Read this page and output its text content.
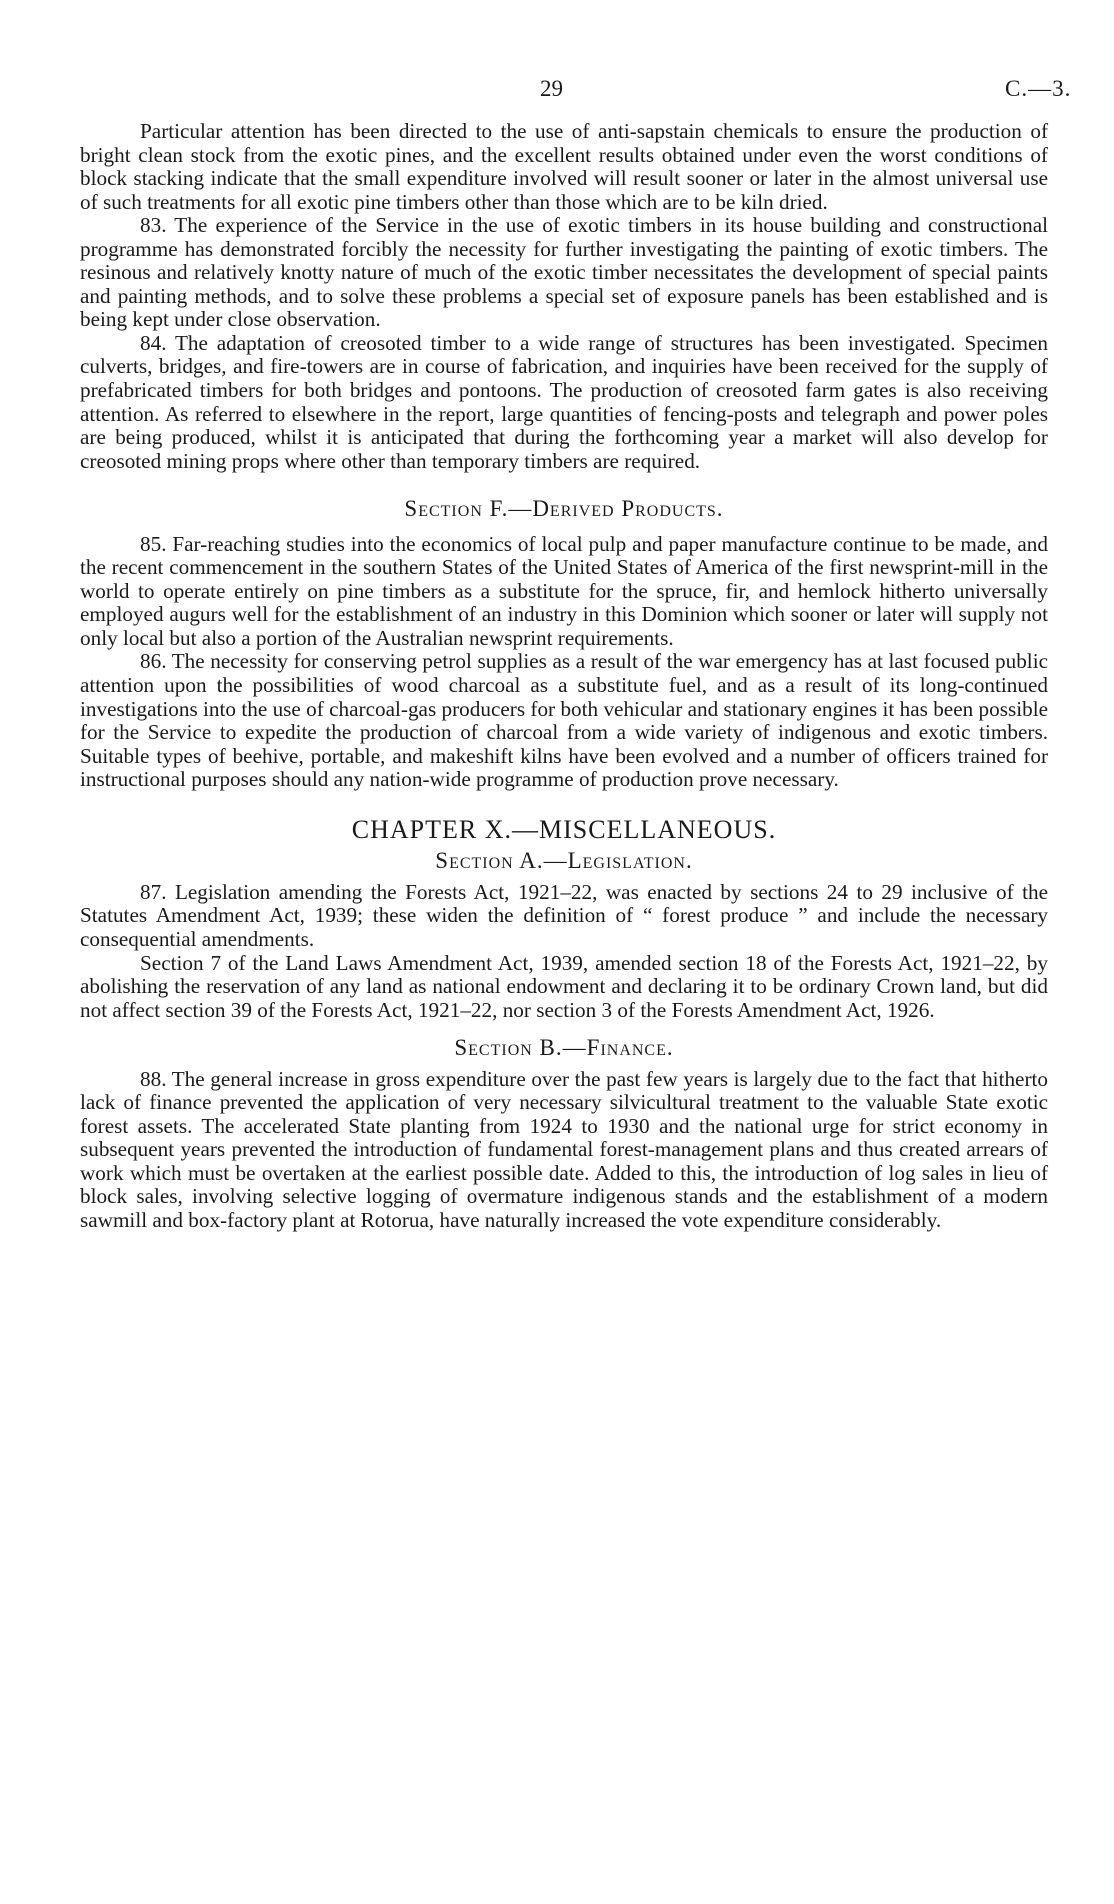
29	C.—3.

Particular attention has been directed to the use of anti-sapstain chemicals to ensure the production of bright clean stock from the exotic pines, and the excellent results obtained under even the worst conditions of block stacking indicate that the small expenditure involved will result sooner or later in the almost universal use of such treatments for all exotic pine timbers other than those which are to be kiln dried.

83. The experience of the Service in the use of exotic timbers in its house building and constructional programme has demonstrated forcibly the necessity for further investigating the painting of exotic timbers. The resinous and relatively knotty nature of much of the exotic timber necessitates the development of special paints and painting methods, and to solve these problems a special set of exposure panels has been established and is being kept under close observation.

84. The adaptation of creosoted timber to a wide range of structures has been investigated. Specimen culverts, bridges, and fire-towers are in course of fabrication, and inquiries have been received for the supply of prefabricated timbers for both bridges and pontoons. The production of creosoted farm gates is also receiving attention. As referred to elsewhere in the report, large quantities of fencing-posts and telegraph and power poles are being produced, whilst it is anticipated that during the forthcoming year a market will also develop for creosoted mining props where other than temporary timbers are required.

Section F.—Derived Products.

85. Far-reaching studies into the economics of local pulp and paper manufacture continue to be made, and the recent commencement in the southern States of the United States of America of the first newsprint-mill in the world to operate entirely on pine timbers as a substitute for the spruce, fir, and hemlock hitherto universally employed augurs well for the establishment of an industry in this Dominion which sooner or later will supply not only local but also a portion of the Australian newsprint requirements.

86. The necessity for conserving petrol supplies as a result of the war emergency has at last focused public attention upon the possibilities of wood charcoal as a substitute fuel, and as a result of its long-continued investigations into the use of charcoal-gas producers for both vehicular and stationary engines it has been possible for the Service to expedite the production of charcoal from a wide variety of indigenous and exotic timbers. Suitable types of beehive, portable, and makeshift kilns have been evolved and a number of officers trained for instructional purposes should any nation-wide programme of production prove necessary.

CHAPTER X.—MISCELLANEOUS.
Section A.—Legislation.

87. Legislation amending the Forests Act, 1921–22, was enacted by sections 24 to 29 inclusive of the Statutes Amendment Act, 1939; these widen the definition of “ forest produce ” and include the necessary consequential amendments.

Section 7 of the Land Laws Amendment Act, 1939, amended section 18 of the Forests Act, 1921–22, by abolishing the reservation of any land as national endowment and declaring it to be ordinary Crown land, but did not affect section 39 of the Forests Act, 1921–22, nor section 3 of the Forests Amendment Act, 1926.

Section B.—Finance.

88. The general increase in gross expenditure over the past few years is largely due to the fact that hitherto lack of finance prevented the application of very necessary silvicultural treatment to the valuable State exotic forest assets. The accelerated State planting from 1924 to 1930 and the national urge for strict economy in subsequent years prevented the introduction of fundamental forest-management plans and thus created arrears of work which must be overtaken at the earliest possible date. Added to this, the introduction of log sales in lieu of block sales, involving selective logging of overmature indigenous stands and the establishment of a modern sawmill and box-factory plant at Rotorua, have naturally increased the vote expenditure considerably.
